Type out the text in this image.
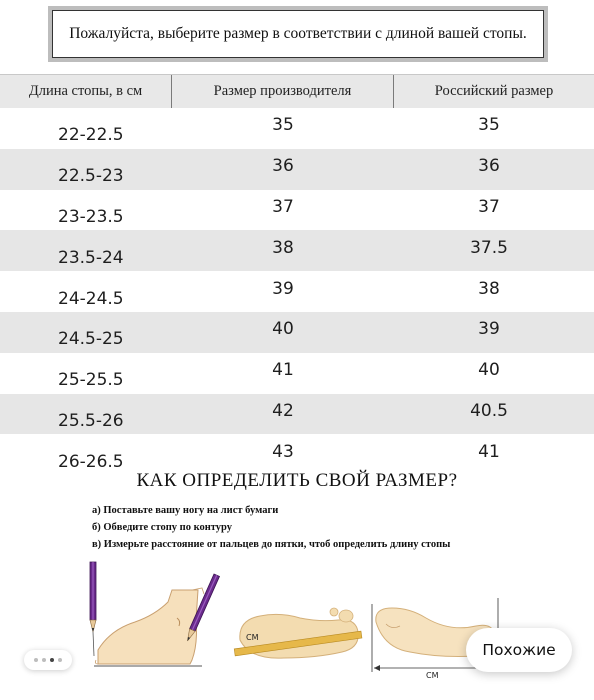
Пожалуйста, выберите размер в соответствии с длиной вашей стопы.
Длина стопы, в см	Размер производителя	Российский размер
22-22.5	35	35
22.5-23	36	36
23-23.5	37	37
23.5-24	38	37.5
24-24.5	39	38
24.5-25	40	39
25-25.5	41	40
25.5-26	42	40.5
26-26.5	43	41
КАК ОПРЕДЕЛИТЬ СВОЙ РАЗМЕР?
а) Поставьте вашу ногу на лист бумаги
б) Обведите стопу по контуру
в) Измерьте расстояние от пальцев до пятки, чтоб определить длину стопы
CM
CM
Похожие
